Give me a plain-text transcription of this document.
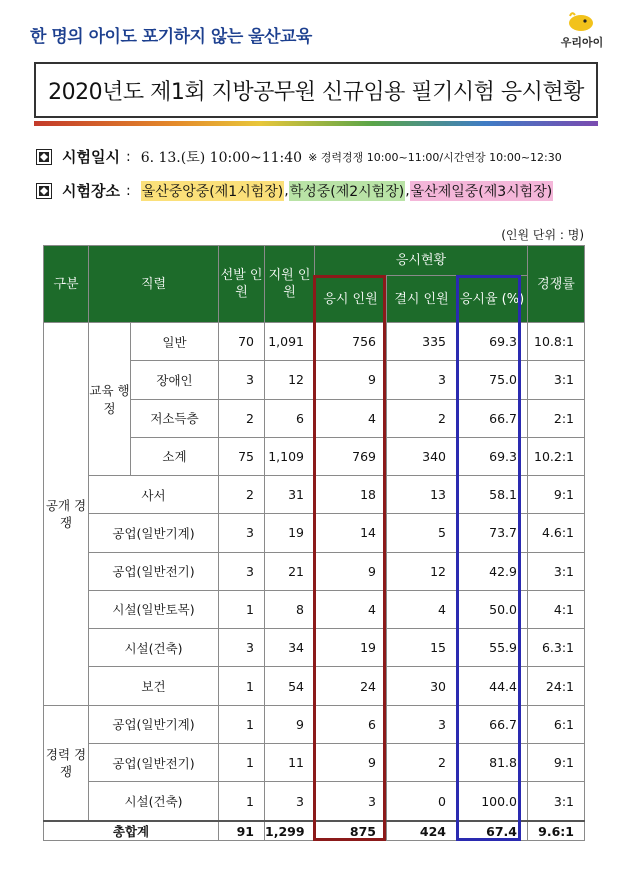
한 명의 아이도 포기하지 않는 울산교육	우리아이
2020년도 제1회 지방공무원 신규임용 필기시험 응시현황
시험일시 : 6. 13.(토) 10:00~11:40 ※ 경력경쟁 10:00~11:00/시간연장 10:00~12:30
시험장소 : 울산중앙중(제1시험장) , 학성중(제2시험장) , 울산제일중(제3시험장)
(인원 단위 : 명)
구분	직렬		선발 인원	지원 인원	응시현황			경쟁률
					응시 인원	결시 인원	응시율 (%)	
공개 경쟁	교육 행정	일반	70	1,091	756	335	69.3	10.8:1
		장애인	3	12	9	3	75.0	3:1
		저소득층	2	6	4	2	66.7	2:1
		소계	75	1,109	769	340	69.3	10.2:1
	사서		2	31	18	13	58.1	9:1
	공업(일반기계)		3	19	14	5	73.7	4.6:1
	공업(일반전기)		3	21	9	12	42.9	3:1
	시설(일반토목)		1	8	4	4	50.0	4:1
	시설(건축)		3	34	19	15	55.9	6.3:1
	보건		1	54	24	30	44.4	24:1
경력 경쟁	공업(일반기계)		1	9	6	3	66.7	6:1
	공업(일반전기)		1	11	9	2	81.8	9:1
	시설(건축)		1	3	3	0	100.0	3:1
총합계			91	1,299	875	424	67.4	9.6:1
